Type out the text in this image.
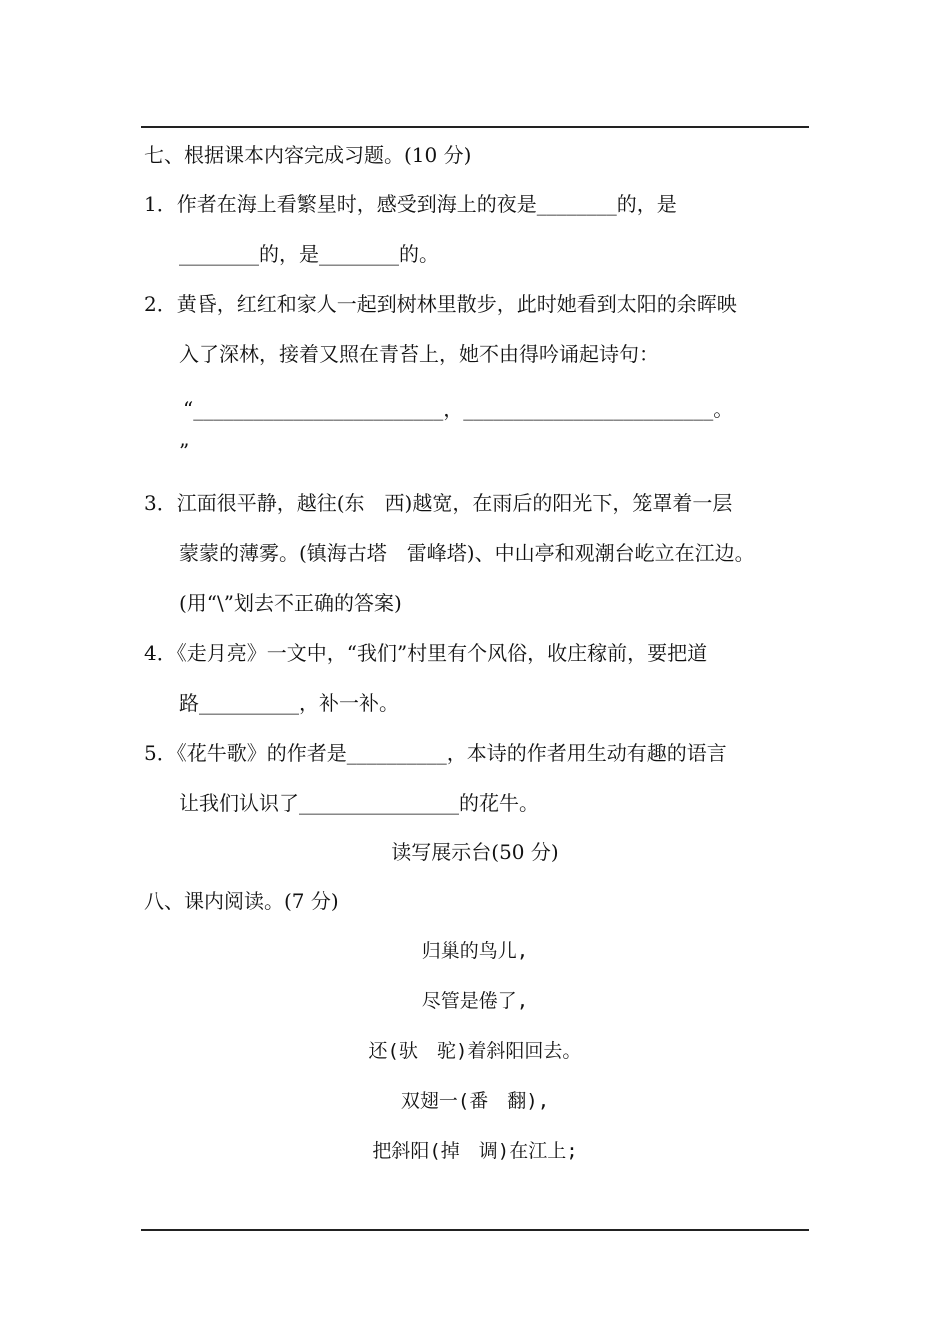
七、根据课本内容完成习题。(10 分)
1．作者在海上看繁星时，感受到海上的夜是________的，是
________的，是________的。
2．黄昏，红红和家人一起到树林里散步，此时她看到太阳的余晖映
入了深林，接着又照在青苔上，她不由得吟诵起诗句：
“_________________________，_________________________。
”
3．江面很平静，越往(东　西)越宽，在雨后的阳光下，笼罩着一层
蒙蒙的薄雾。(镇海古塔　雷峰塔)、中山亭和观潮台屹立在江边。
(用“\”划去不正确的答案)
4．《走月亮》一文中，“我们”村里有个风俗，收庄稼前，要把道
路__________，补一补。
5．《花牛歌》的作者是__________，本诗的作者用生动有趣的语言
让我们认识了________________的花牛。
读写展示台(50 分)
八、课内阅读。(7 分)
归巢的鸟儿,
尽管是倦了,
还(驮　驼)着斜阳回去。
双翅一(番　翻),
把斜阳(掉　调)在江上;
